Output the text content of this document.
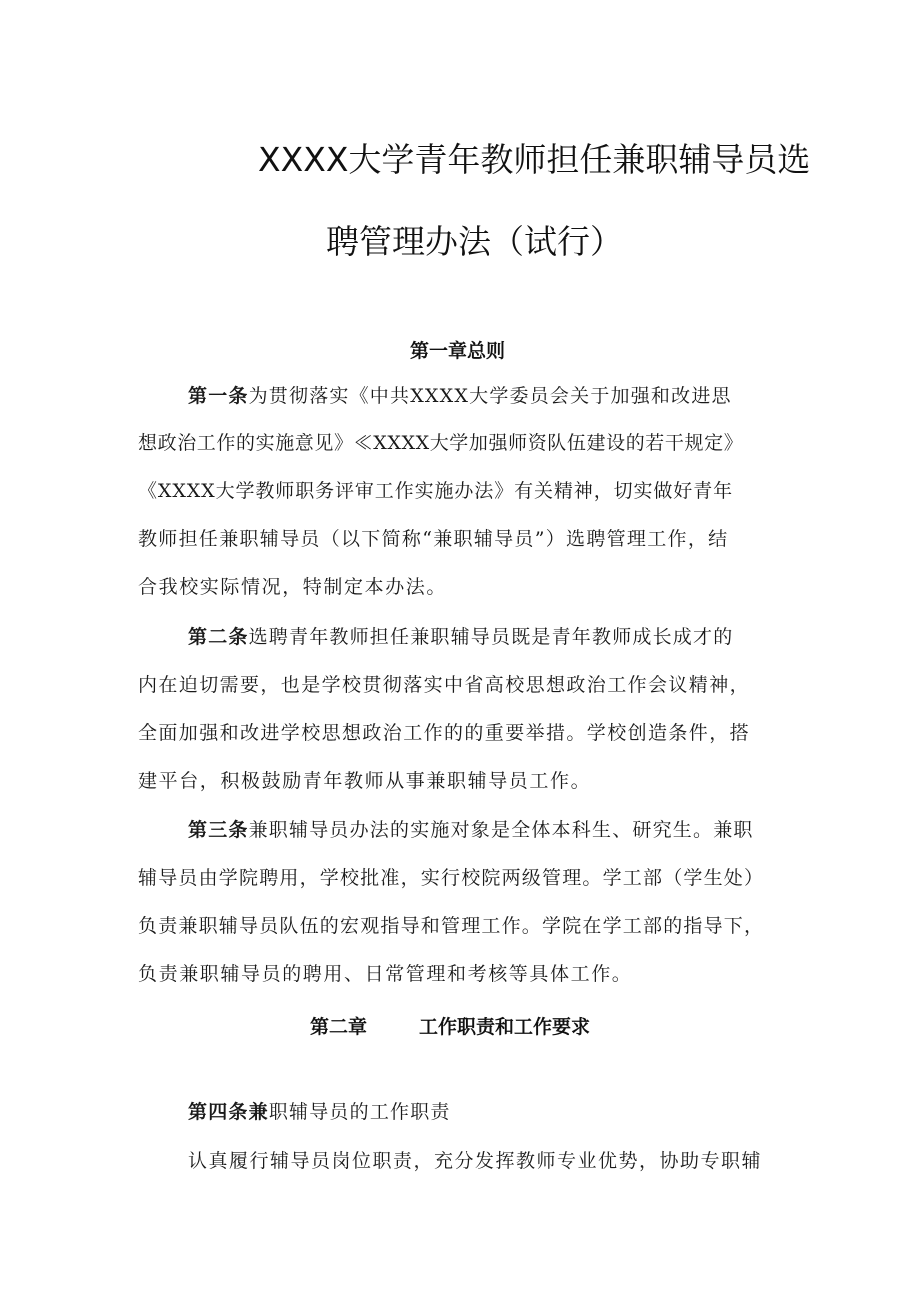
XXXX大学青年教师担任兼职辅导员选
聘管理办法（试行）
第一章总则
第一条为贯彻落实《中共XXXX大学委员会关于加强和改进思
想政治工作的实施意见》≪XXXX大学加强师资队伍建设的若干规定》
《XXXX大学教师职务评审工作实施办法》有关精神，切实做好青年
教师担任兼职辅导员（以下简称“兼职辅导员”）选聘管理工作，结
合我校实际情况，特制定本办法。
第二条选聘青年教师担任兼职辅导员既是青年教师成长成才的
内在迫切需要，也是学校贯彻落实中省高校思想政治工作会议精神，
全面加强和改进学校思想政治工作的的重要举措。学校创造条件，搭
建平台，积极鼓励青年教师从事兼职辅导员工作。
第三条兼职辅导员办法的实施对象是全体本科生、研究生。兼职
辅导员由学院聘用，学校批准，实行校院两级管理。学工部（学生处）
负责兼职辅导员队伍的宏观指导和管理工作。学院在学工部的指导下，
负责兼职辅导员的聘用、日常管理和考核等具体工作。
第二章	工作职责和工作要求
第四条兼职辅导员的工作职责
认真履行辅导员岗位职责，充分发挥教师专业优势，协助专职辅
